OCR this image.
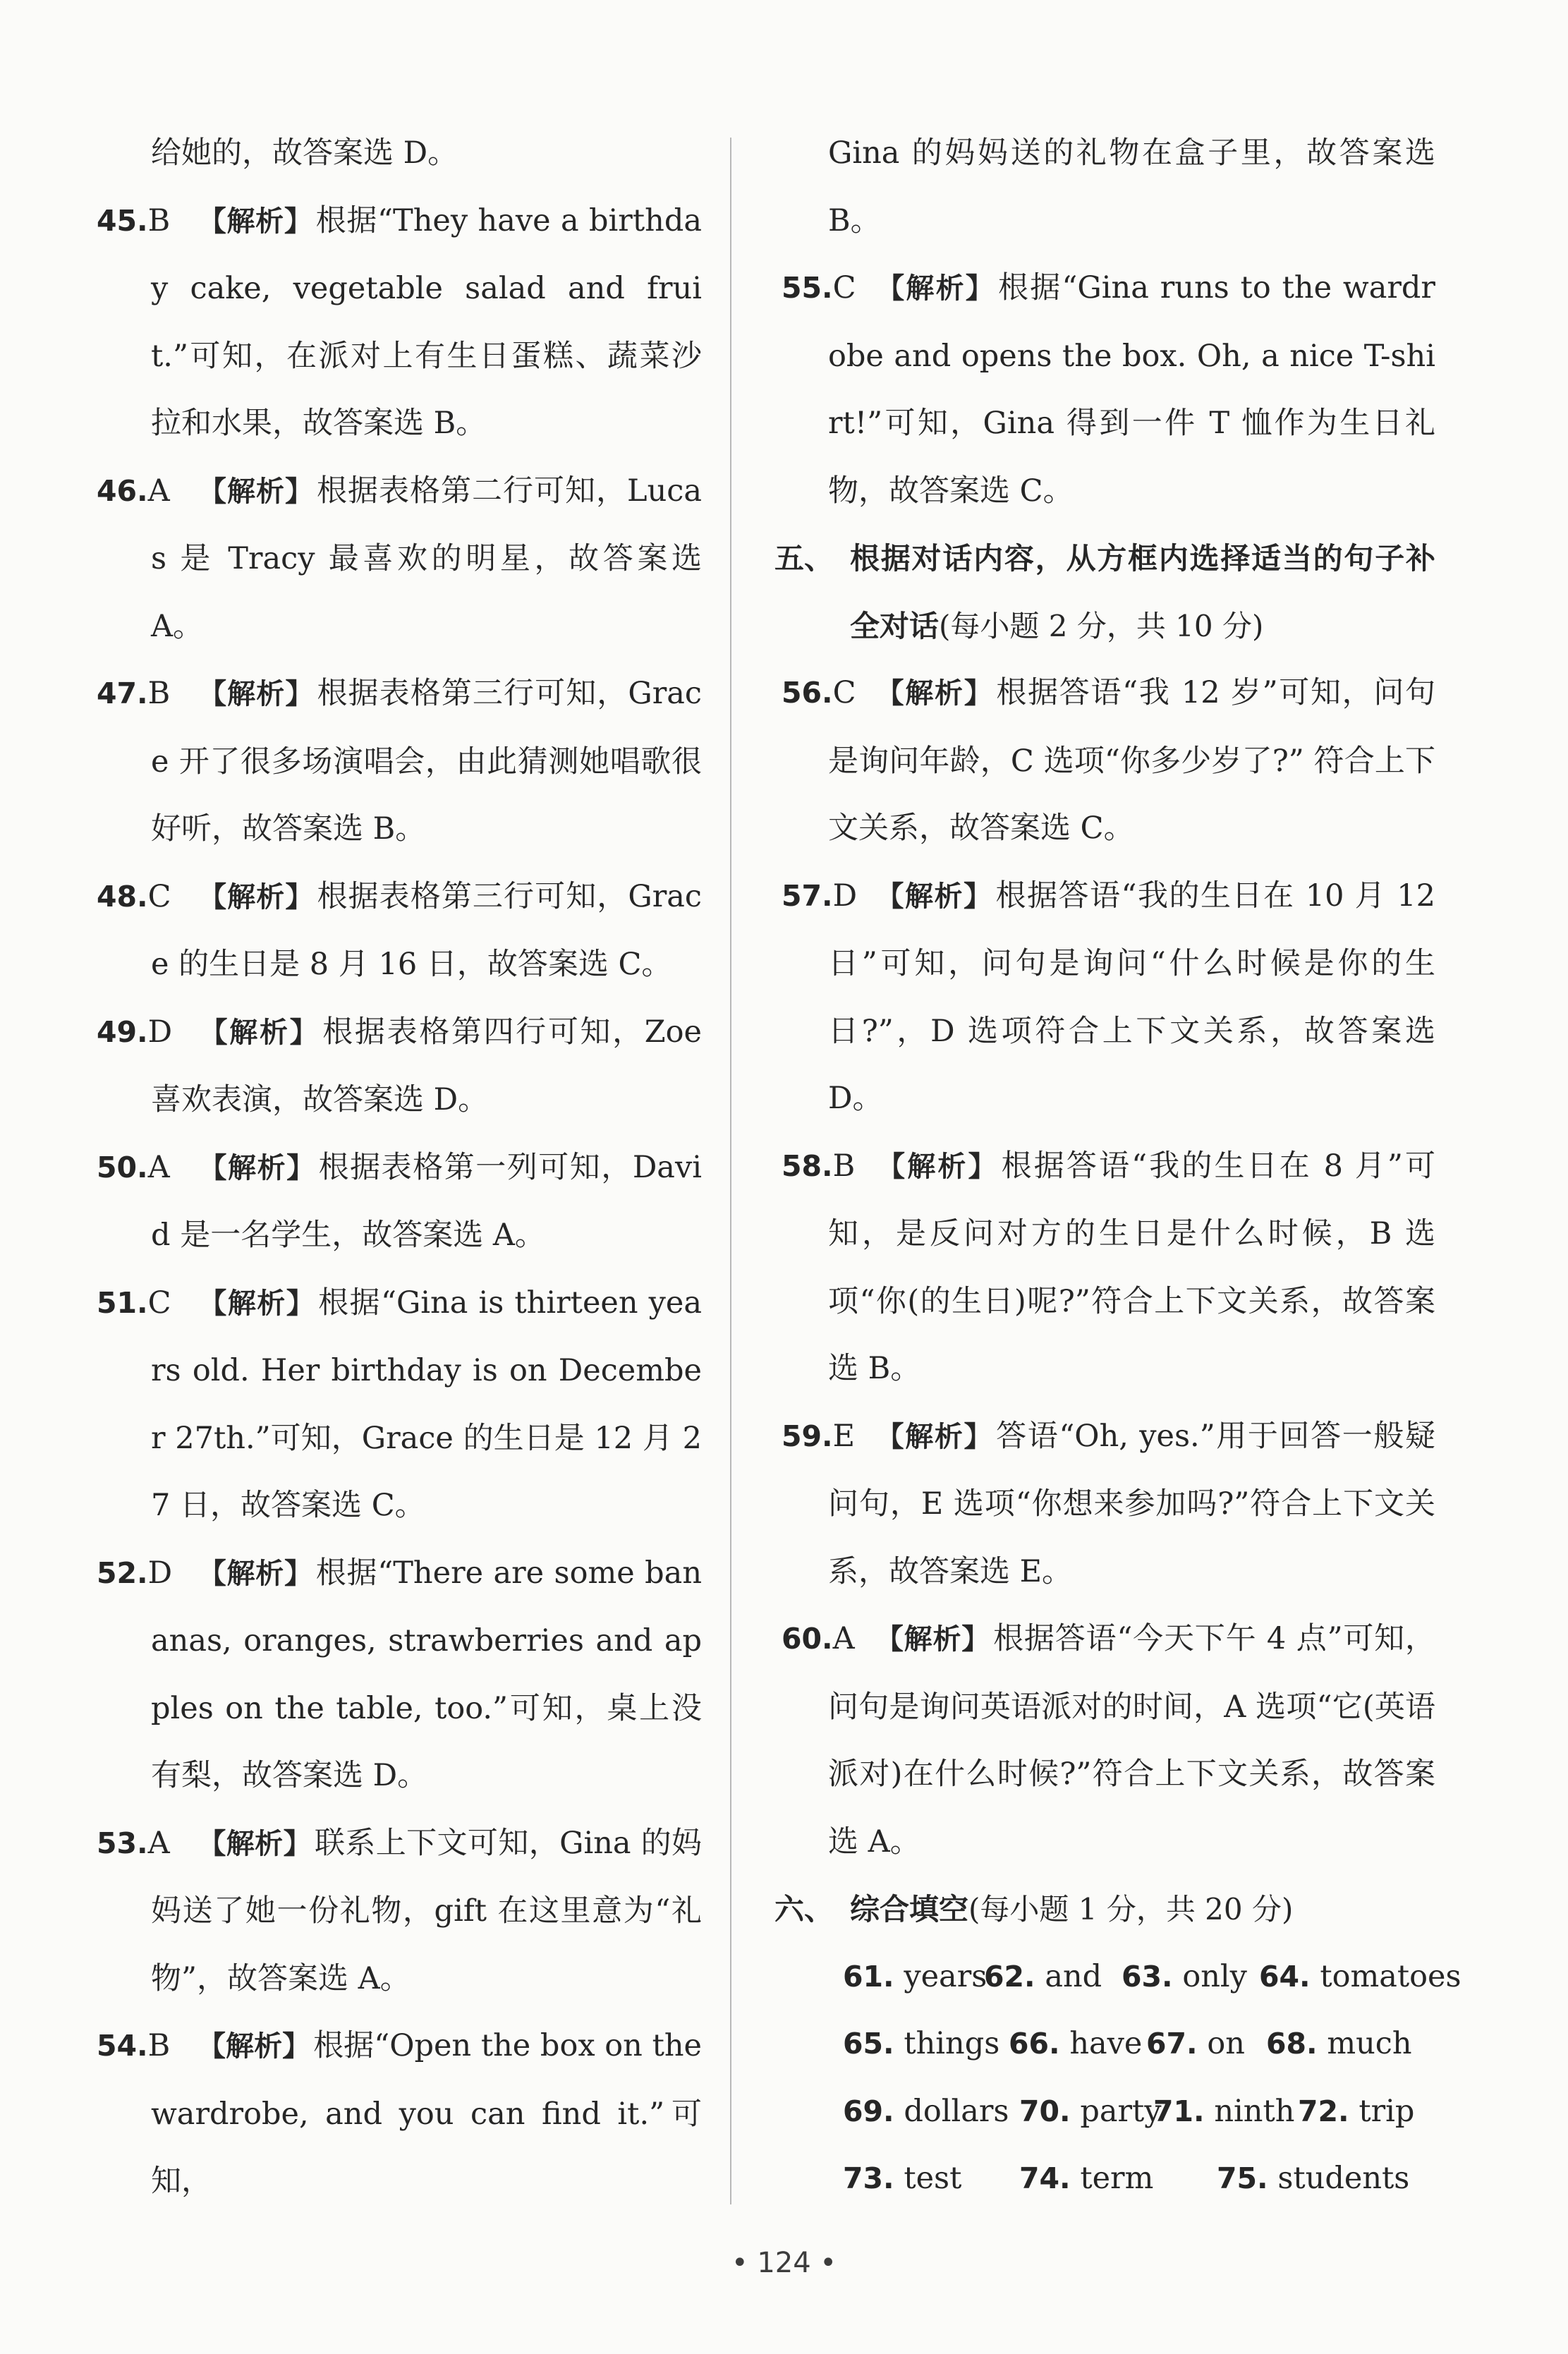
给她的，故答案选 D。

45.B 【解析】根据“They have a birthday cake, vegetable salad and fruit.”可知，在派对上有生日蛋糕、蔬菜沙拉和水果，故答案选 B。

46.A 【解析】根据表格第二行可知，Lucas 是 Tracy 最喜欢的明星，故答案选 A。

47.B 【解析】根据表格第三行可知，Grace 开了很多场演唱会，由此猜测她唱歌很好听，故答案选 B。

48.C 【解析】根据表格第三行可知，Grace 的生日是 8 月 16 日，故答案选 C。

49.D 【解析】根据表格第四行可知，Zoe 喜欢表演，故答案选 D。

50.A 【解析】根据表格第一列可知，David 是一名学生，故答案选 A。

51.C 【解析】根据“Gina is thirteen years old. Her birthday is on December 27th.”可知，Grace 的生日是 12 月 27 日，故答案选 C。

52.D 【解析】根据“There are some bananas, oranges, strawberries and apples on the table, too.”可知，桌上没有梨，故答案选 D。

53.A 【解析】联系上下文可知，Gina 的妈妈送了她一份礼物，gift 在这里意为“礼物”，故答案选 A。

54.B 【解析】根据“Open the box on the wardrobe, and you can find it.”可知，

Gina 的妈妈送的礼物在盒子里，故答案选 B。

55.C 【解析】根据“Gina runs to the wardrobe and opens the box. Oh, a nice T-shirt!”可知，Gina 得到一件 T 恤作为生日礼物，故答案选 C。

五、 根据对话内容，从方框内选择适当的句子补全对话(每小题 2 分，共 10 分)

56.C 【解析】根据答语“我 12 岁”可知，问句是询问年龄，C 选项“你多少岁了?” 符合上下文关系，故答案选 C。

57.D 【解析】根据答语“我的生日在 10 月 12 日”可知，问句是询问“什么时候是你的生日?”，D 选项符合上下文关系，故答案选 D。

58.B 【解析】根据答语“我的生日在 8 月”可知，是反问对方的生日是什么时候，B 选项“你(的生日)呢?”符合上下文关系，故答案选 B。

59.E 【解析】答语“Oh, yes.”用于回答一般疑问句，E 选项“你想来参加吗?”符合上下文关系，故答案选 E。

60.A 【解析】根据答语“今天下午 4 点”可知，问句是询问英语派对的时间，A 选项“它(英语派对)在什么时候?”符合上下文关系，故答案选 A。

六、 综合填空(每小题 1 分，共 20 分)
61. years
62. and 63. only 64. tomatoes
65. things 66. have 67. on 68. much
69. dollars 70. party
71. ninth 72. trip
73. test 74. term 75. students
• 124 •
